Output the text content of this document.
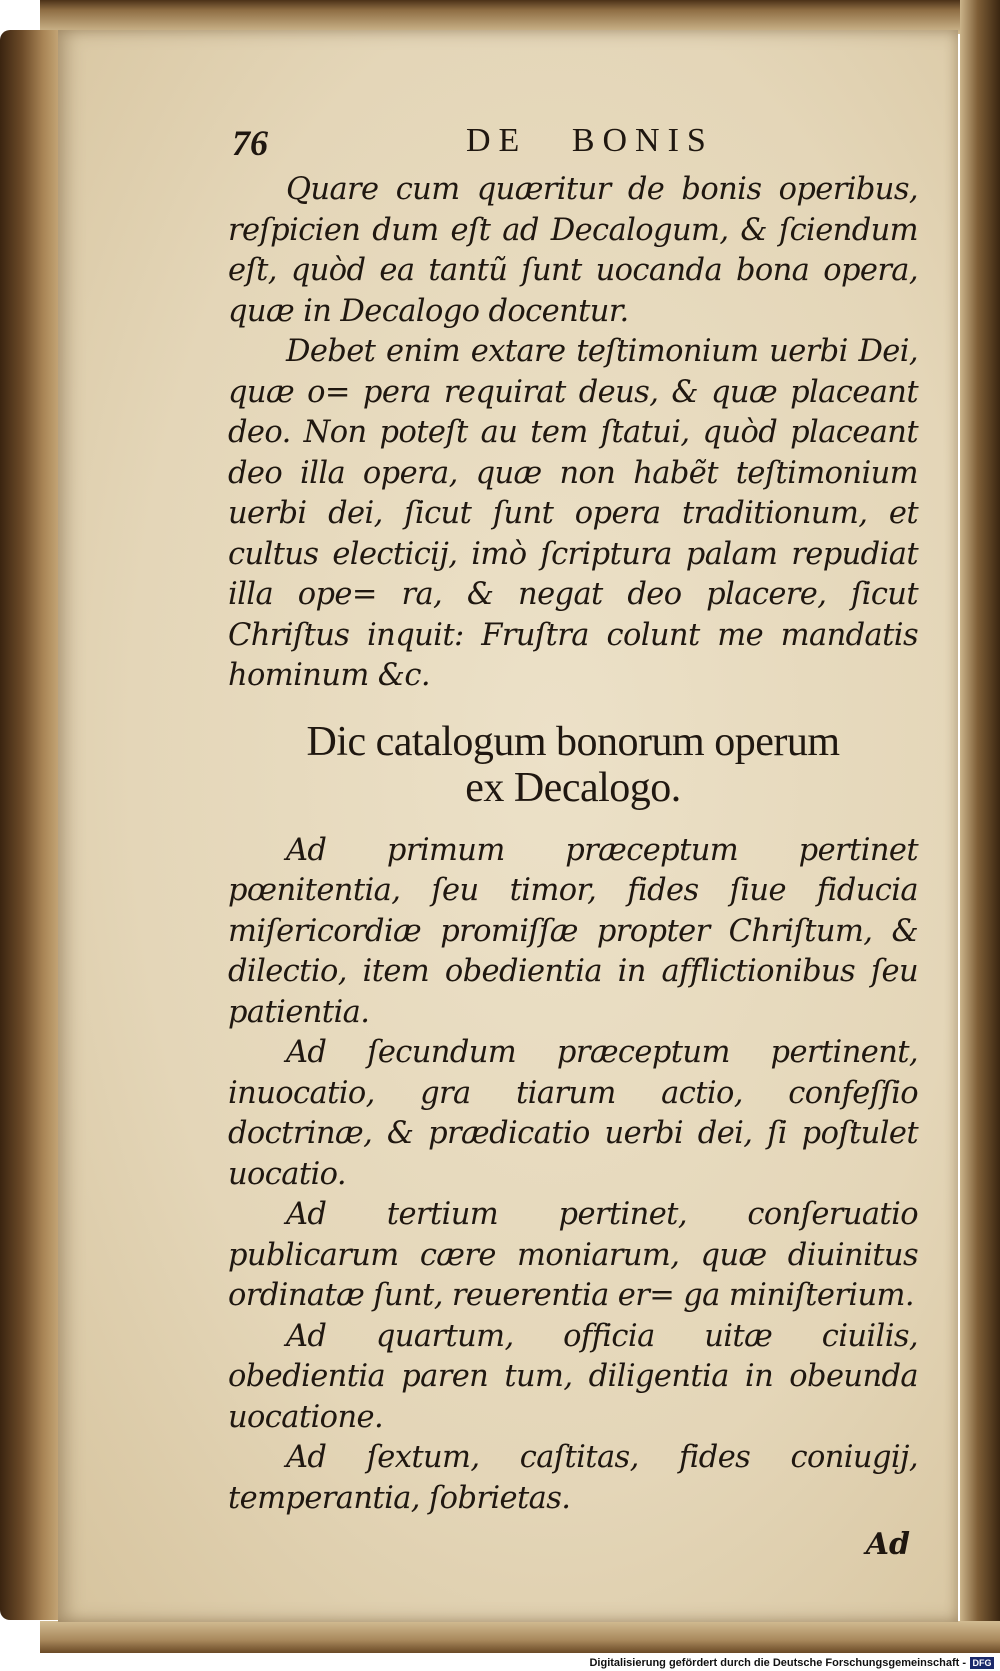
76	DE BONIS

Quare cum quæritur de bonis operibus, reſpicien dum eſt ad Decalogum, & ſciendum eſt, quòd ea tantũ ſunt uocanda bona opera, quæ in Decalogo docentur.

Debet enim extare teſtimonium uerbi Dei, quæ o= pera requirat deus, & quæ placeant deo. Non poteſt au tem ſtatui, quòd placeant deo illa opera, quæ non habẽt teſtimonium uerbi dei, ſicut ſunt opera traditionum, et cultus electicij, imò ſcriptura palam repudiat illa ope= ra, & negat deo placere, ſicut Chriſtus inquit: Fruſtra colunt me mandatis hominum &c.

Dic catalogum bonorum operum
ex Decalogo.

Ad primum præceptum pertinet pœnitentia, ſeu timor, fides ſiue fiducia miſericordiæ promiſſæ propter Chriſtum, & dilectio, item obedientia in afflictionibus ſeu patientia.

Ad ſecundum præceptum pertinent, inuocatio, gra tiarum actio, confeſſio doctrinæ, & prædicatio uerbi dei, ſi poſtulet uocatio.

Ad tertium pertinet, conſeruatio publicarum cære moniarum, quæ diuinitus ordinatæ ſunt, reuerentia er= ga miniſterium.

Ad quartum, officia uitæ ciuilis, obedientia paren tum, diligentia in obeunda uocatione.

Ad ſextum, caſtitas, fides coniugij, temperantia, ſobrietas.

Ad
Digitalisierung gefördert durch die Deutsche Forschungsgemeinschaft - DFG
